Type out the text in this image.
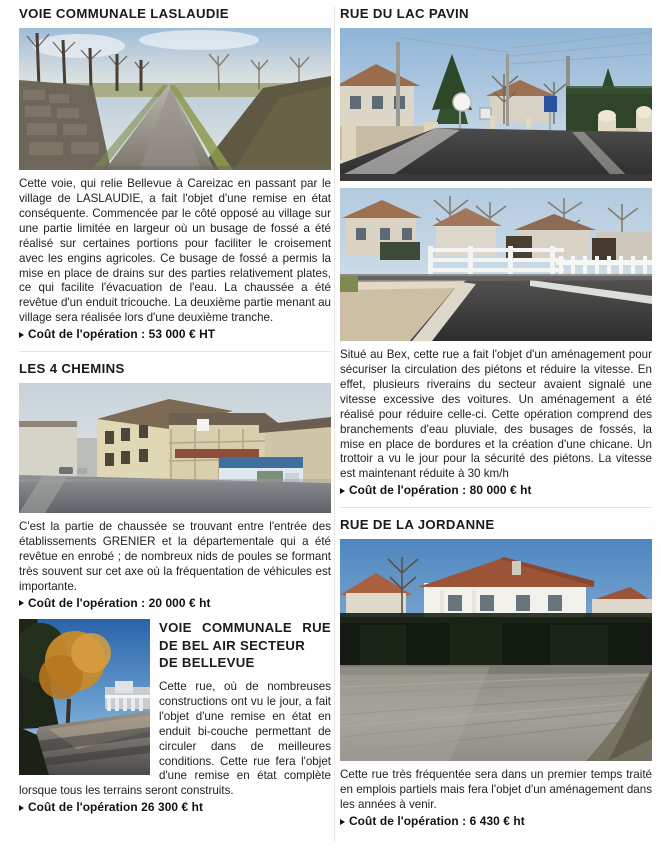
VOIE COMMUNALE LASLAUDIE

Cette voie, qui relie Bellevue à Careizac en passant par le village de LASLAUDIE, a fait l'objet d'une remise en état conséquente. Commencée par le côté opposé au village sur une partie limitée en largeur où un busage de fossé a été réalisé sur certaines portions pour faciliter le croisement avec les engins agricoles. Ce busage de fossé a permis la mise en place de drains sur des parties relativement plates, ce qui facilite l'évacuation de l'eau. La chaussée a été revêtue d'un enduit tricouche. La deuxième partie menant au village sera réalisée lors d'une deuxième tranche.

Coût de l'opération : 53 000 € HT
LES 4 CHEMINS

C'est la partie de chaussée se trouvant entre l'entrée des établissements GRENIER et la départementale qui a été revêtue en enrobé ; de nombreux nids de poules se formant très souvent sur cet axe où la fréquentation de véhicules est importante.

Coût de l'opération : 20 000 € ht
VOIE COMMUNALE RUE DE BEL AIR SECTEUR
DE BELLEVUE

Cette rue, où de nombreuses constructions ont vu le jour, a fait l'objet d'une remise en état en enduit bi-couche permettant de circuler dans de meilleures conditions. Cette rue fera l'objet d'une remise en état complète lorsque tous les terrains seront construits.

Coût de l'opération 26 300 € ht
RUE DU LAC PAVIN

Situé au Bex, cette rue a fait l'objet d'un aménagement pour sécuriser la circulation des piétons et réduire la vitesse. En effet, plusieurs riverains du secteur avaient signalé une vitesse excessive des voitures. Un aménagement a été réalisé pour réduire celle-ci. Cette opération comprend des branchements d'eau pluviale, des busages de fossés, la mise en place de bordures et la création d'une chicane. Un trottoir a vu le jour pour la sécurité des piétons. La vitesse est maintenant réduite à 30 km/h

Coût de l'opération : 80 000 € ht
RUE DE LA JORDANNE

Cette rue très fréquentée sera dans un premier temps traité en emplois partiels mais fera l'objet d'un aménagement dans les années à venir.

Coût de l'opération : 6 430 € ht
